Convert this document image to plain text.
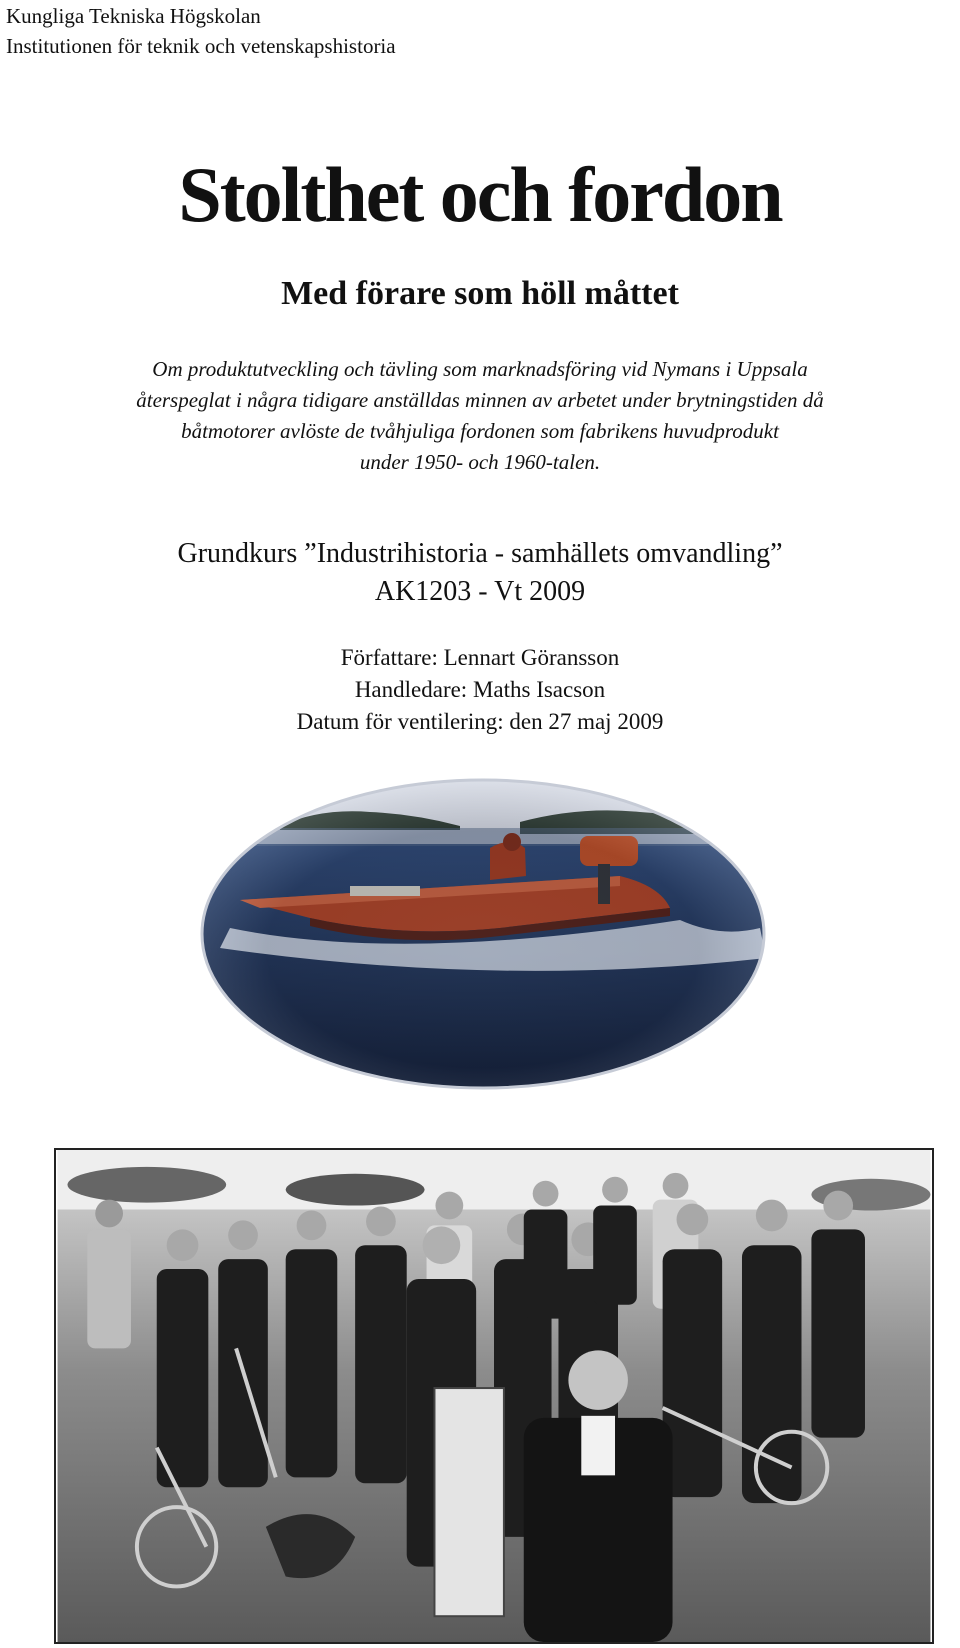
Kungliga Tekniska Högskolan
Institutionen för teknik och vetenskapshistoria
Stolthet och fordon
Med förare som höll måttet
Om produktutveckling och tävling som marknadsföring vid Nymans i Uppsala
återspeglat i några tidigare anställdas minnen av arbetet under brytningstiden då
båtmotorer avlöste de tvåhjuliga fordonen som fabrikens huvudprodukt
under 1950- och 1960-talen.
Grundkurs ”Industrihistoria - samhällets omvandling”
AK1203 - Vt 2009
Författare: Lennart Göransson
Handledare: Maths Isacson
Datum för ventilering: den 27 maj 2009
